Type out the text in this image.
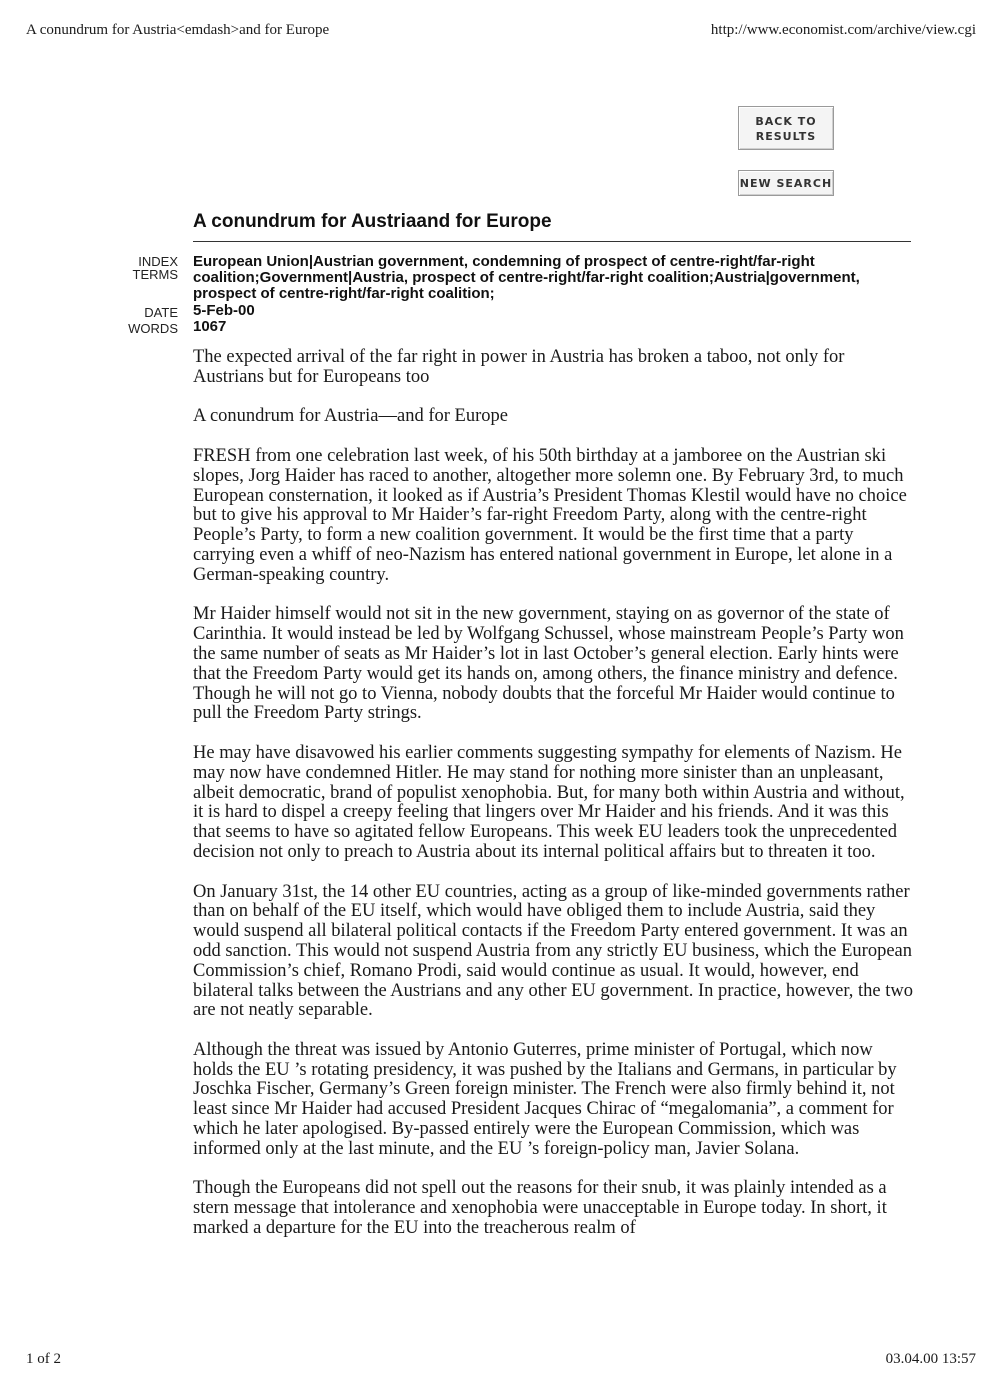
A conundrum for Austria<emdash>and for Europe	http://www.economist.com/archive/view.cgi
BACK TO
RESULTS
NEW SEARCH
A conundrum for Austriaand for Europe
INDEX
TERMS
European Union|Austrian government, condemning of prospect of centre-right/far-right coalition;Government|Austria, prospect of centre-right/far-right coalition;Austria|government, prospect of centre-right/far-right coalition;
DATE 5-Feb-00
WORDS 1067

The expected arrival of the far right in power in Austria has broken a taboo, not only for Austrians but for Europeans too

A conundrum for Austria—and for Europe

FRESH from one celebration last week, of his 50th birthday at a jamboree on the Austrian ski slopes, Jorg Haider has raced to another, altogether more solemn one. By February 3rd, to much European consternation, it looked as if Austria’s President Thomas Klestil would have no choice but to give his approval to Mr Haider’s far-right Freedom Party, along with the centre-right People’s Party, to form a new coalition government. It would be the first time that a party carrying even a whiff of neo-Nazism has entered national government in Europe, let alone in a German-speaking country.

Mr Haider himself would not sit in the new government, staying on as governor of the state of Carinthia. It would instead be led by Wolfgang Schussel, whose mainstream People’s Party won the same number of seats as Mr Haider’s lot in last October’s general election. Early hints were that the Freedom Party would get its hands on, among others, the finance ministry and defence. Though he will not go to Vienna, nobody doubts that the forceful Mr Haider would continue to pull the Freedom Party strings.

He may have disavowed his earlier comments suggesting sympathy for elements of Nazism. He may now have condemned Hitler. He may stand for nothing more sinister than an unpleasant, albeit democratic, brand of populist xenophobia. But, for many both within Austria and without, it is hard to dispel a creepy feeling that lingers over Mr Haider and his friends. And it was this that seems to have so agitated fellow Europeans. This week EU leaders took the unprecedented decision not only to preach to Austria about its internal political affairs but to threaten it too.

On January 31st, the 14 other EU countries, acting as a group of like-minded governments rather than on behalf of the EU itself, which would have obliged them to include Austria, said they would suspend all bilateral political contacts if the Freedom Party entered government. It was an odd sanction. This would not suspend Austria from any strictly EU business, which the European Commission’s chief, Romano Prodi, said would continue as usual. It would, however, end bilateral talks between the Austrians and any other EU government. In practice, however, the two are not neatly separable.

Although the threat was issued by Antonio Guterres, prime minister of Portugal, which now holds the EU ’s rotating presidency, it was pushed by the Italians and Germans, in particular by Joschka Fischer, Germany’s Green foreign minister. The French were also firmly behind it, not least since Mr Haider had accused President Jacques Chirac of “megalomania”, a comment for which he later apologised. By-passed entirely were the European Commission, which was informed only at the last minute, and the EU ’s foreign-policy man, Javier Solana.

Though the Europeans did not spell out the reasons for their snub, it was plainly intended as a stern message that intolerance and xenophobia were unacceptable in Europe today. In short, it marked a departure for the EU into the treacherous realm of

1 of 2	03.04.00 13:57
